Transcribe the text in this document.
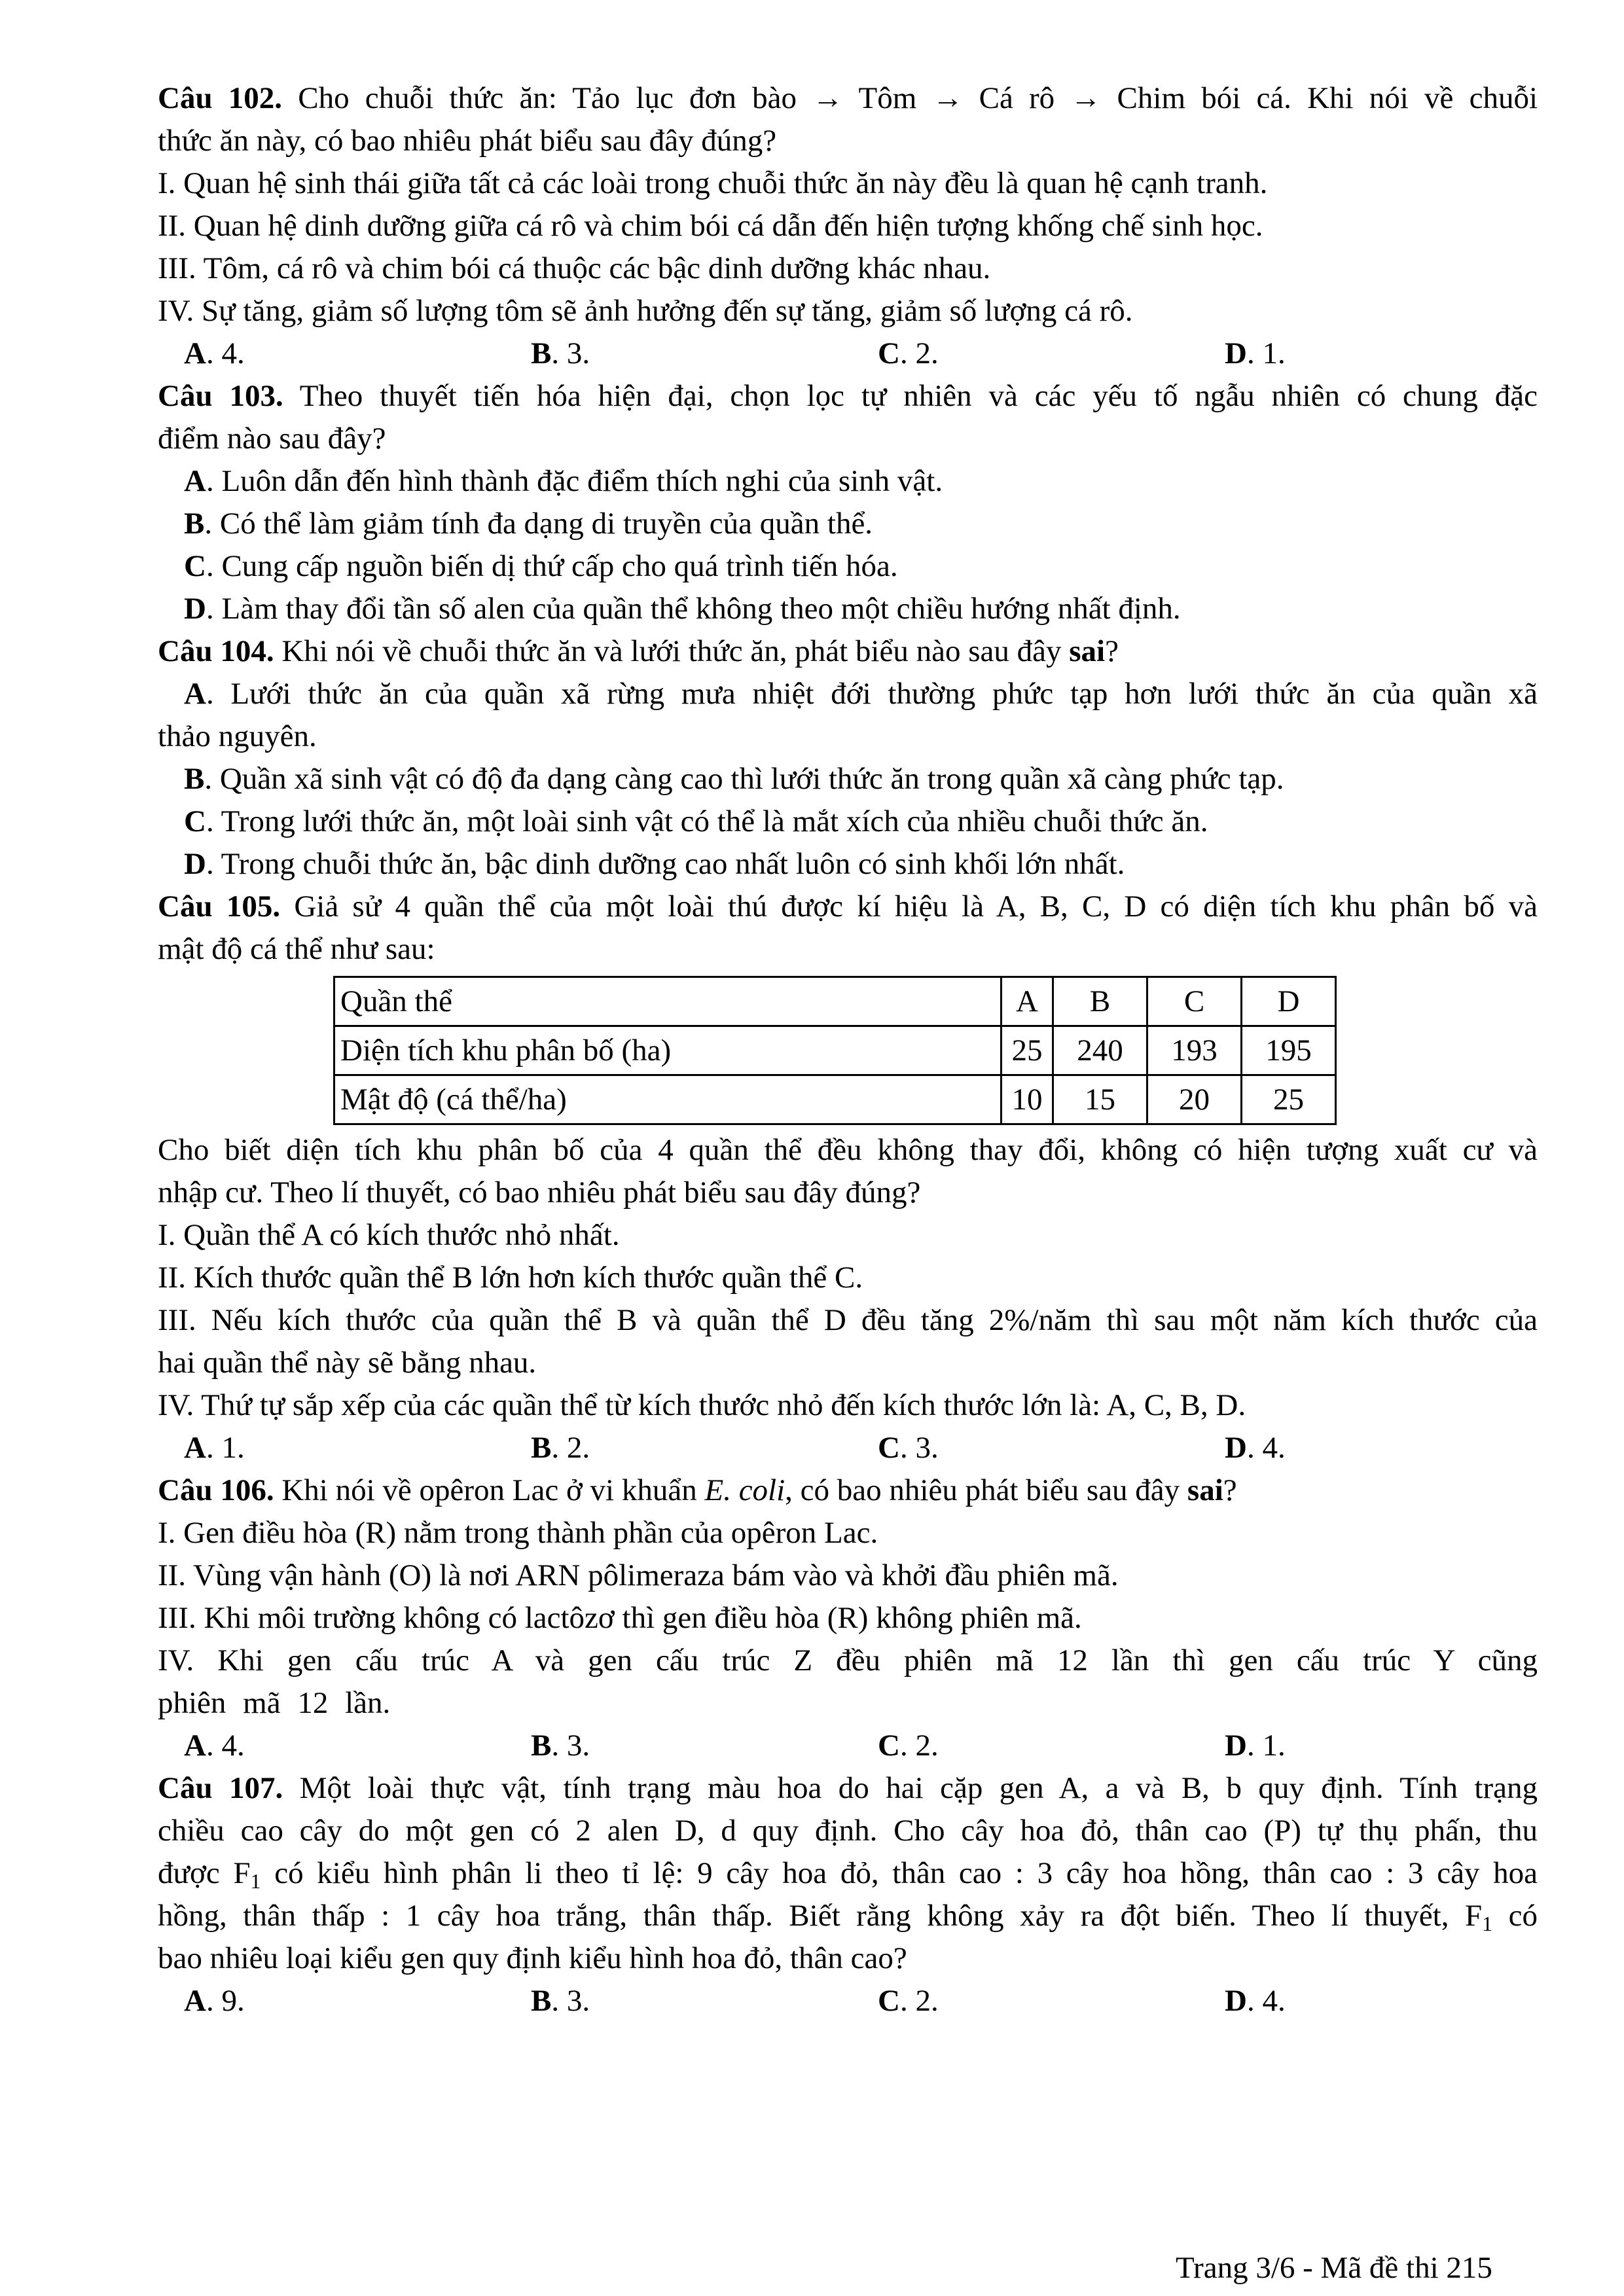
Câu 102. Cho chuỗi thức ăn: Tảo lục đơn bào → Tôm → Cá rô → Chim bói cá. Khi nói về chuỗi

thức ăn này, có bao nhiêu phát biểu sau đây đúng?

I. Quan hệ sinh thái giữa tất cả các loài trong chuỗi thức ăn này đều là quan hệ cạnh tranh.

II. Quan hệ dinh dưỡng giữa cá rô và chim bói cá dẫn đến hiện tượng khống chế sinh học.

III. Tôm, cá rô và chim bói cá thuộc các bậc dinh dưỡng khác nhau.

IV. Sự tăng, giảm số lượng tôm sẽ ảnh hưởng đến sự tăng, giảm số lượng cá rô.

A. 4.	B. 3.	C. 2.	D. 1.

Câu 103. Theo thuyết tiến hóa hiện đại, chọn lọc tự nhiên và các yếu tố ngẫu nhiên có chung đặc

điểm nào sau đây?

A. Luôn dẫn đến hình thành đặc điểm thích nghi của sinh vật.

B. Có thể làm giảm tính đa dạng di truyền của quần thể.

C. Cung cấp nguồn biến dị thứ cấp cho quá trình tiến hóa.

D. Làm thay đổi tần số alen của quần thể không theo một chiều hướng nhất định.

Câu 104. Khi nói về chuỗi thức ăn và lưới thức ăn, phát biểu nào sau đây sai?

A. Lưới thức ăn của quần xã rừng mưa nhiệt đới thường phức tạp hơn lưới thức ăn của quần xã

thảo nguyên.

B. Quần xã sinh vật có độ đa dạng càng cao thì lưới thức ăn trong quần xã càng phức tạp.

C. Trong lưới thức ăn, một loài sinh vật có thể là mắt xích của nhiều chuỗi thức ăn.

D. Trong chuỗi thức ăn, bậc dinh dưỡng cao nhất luôn có sinh khối lớn nhất.

Câu 105. Giả sử 4 quần thể của một loài thú được kí hiệu là A, B, C, D có diện tích khu phân bố và

mật độ cá thể như sau:

Quần thể	A	B	C	D
Diện tích khu phân bố (ha)	25	240	193	195
Mật độ (cá thể/ha)	10	15	20	25

Cho biết diện tích khu phân bố của 4 quần thể đều không thay đổi, không có hiện tượng xuất cư và

nhập cư. Theo lí thuyết, có bao nhiêu phát biểu sau đây đúng?

I. Quần thể A có kích thước nhỏ nhất.

II. Kích thước quần thể B lớn hơn kích thước quần thể C.

III. Nếu kích thước của quần thể B và quần thể D đều tăng 2%/năm thì sau một năm kích thước của

hai quần thể này sẽ bằng nhau.

IV. Thứ tự sắp xếp của các quần thể từ kích thước nhỏ đến kích thước lớn là: A, C, B, D.

A. 1.	B. 2.	C. 3.	D. 4.

Câu 106. Khi nói về opêron Lac ở vi khuẩn E. coli, có bao nhiêu phát biểu sau đây sai?

I. Gen điều hòa (R) nằm trong thành phần của opêron Lac.

II. Vùng vận hành (O) là nơi ARN pôlimeraza bám vào và khởi đầu phiên mã.

III. Khi môi trường không có lactôzơ thì gen điều hòa (R) không phiên mã.

IV. Khi gen cấu trúc A và gen cấu trúc Z đều phiên mã 12 lần thì gen cấu trúc Y cũng

phiên mã 12 lần.

A. 4.	B. 3.	C. 2.	D. 1.

Câu 107. Một loài thực vật, tính trạng màu hoa do hai cặp gen A, a và B, b quy định. Tính trạng

chiều cao cây do một gen có 2 alen D, d quy định. Cho cây hoa đỏ, thân cao (P) tự thụ phấn, thu

được $F_1$ có kiểu hình phân li theo tỉ lệ: 9 cây hoa đỏ, thân cao : 3 cây hoa hồng, thân cao : 3 cây hoa

hồng, thân thấp : 1 cây hoa trắng, thân thấp. Biết rằng không xảy ra đột biến. Theo lí thuyết, $F_1$ có

bao nhiêu loại kiểu gen quy định kiểu hình hoa đỏ, thân cao?

A. 9.	B. 3.	C. 2.	D. 4.
Trang 3/6 - Mã đề thi 215
